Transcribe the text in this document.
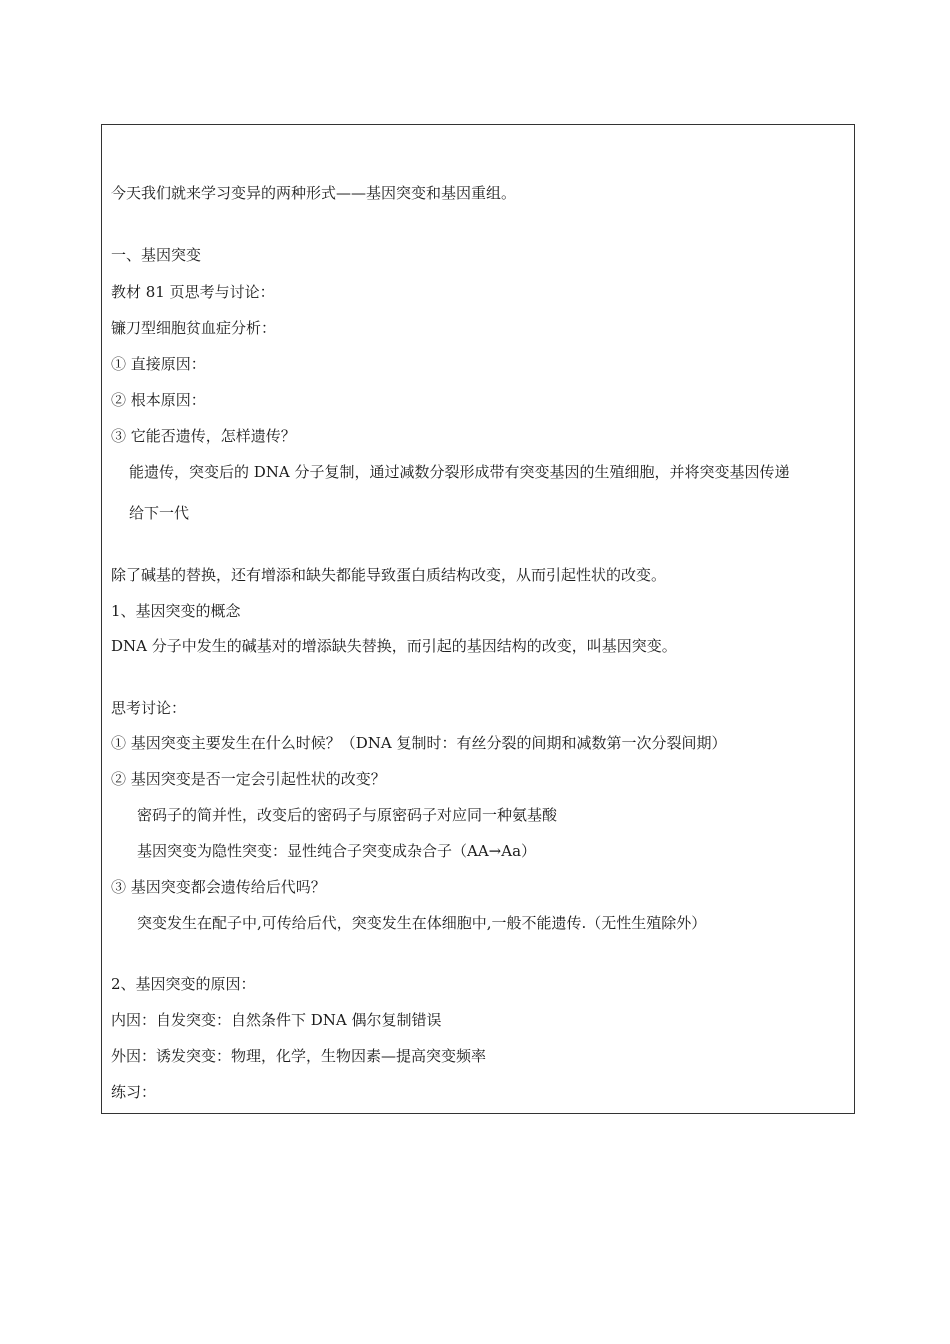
今天我们就来学习变异的两种形式——基因突变和基因重组。
一、基因突变
教材 81 页思考与讨论：
镰刀型细胞贫血症分析：
① 直接原因：
② 根本原因：
③ 它能否遗传，怎样遗传？
能遗传，突变后的 DNA 分子复制，通过减数分裂形成带有突变基因的生殖细胞，并将突变基因传递
给下一代
除了碱基的替换，还有增添和缺失都能导致蛋白质结构改变，从而引起性状的改变。
1、基因突变的概念
DNA 分子中发生的碱基对的增添缺失替换，而引起的基因结构的改变，叫基因突变。
思考讨论：
① 基因突变主要发生在什么时候？（DNA 复制时：有丝分裂的间期和减数第一次分裂间期）
② 基因突变是否一定会引起性状的改变？
密码子的简并性，改变后的密码子与原密码子对应同一种氨基酸
基因突变为隐性突变：显性纯合子突变成杂合子（AA→Aa）
③ 基因突变都会遗传给后代吗？
突变发生在配子中,可传给后代，突变发生在体细胞中,一般不能遗传.（无性生殖除外）
2、基因突变的原因：
内因：自发突变：自然条件下 DNA 偶尔复制错误
外因：诱发突变：物理，化学，生物因素—提高突变频率
练习：
